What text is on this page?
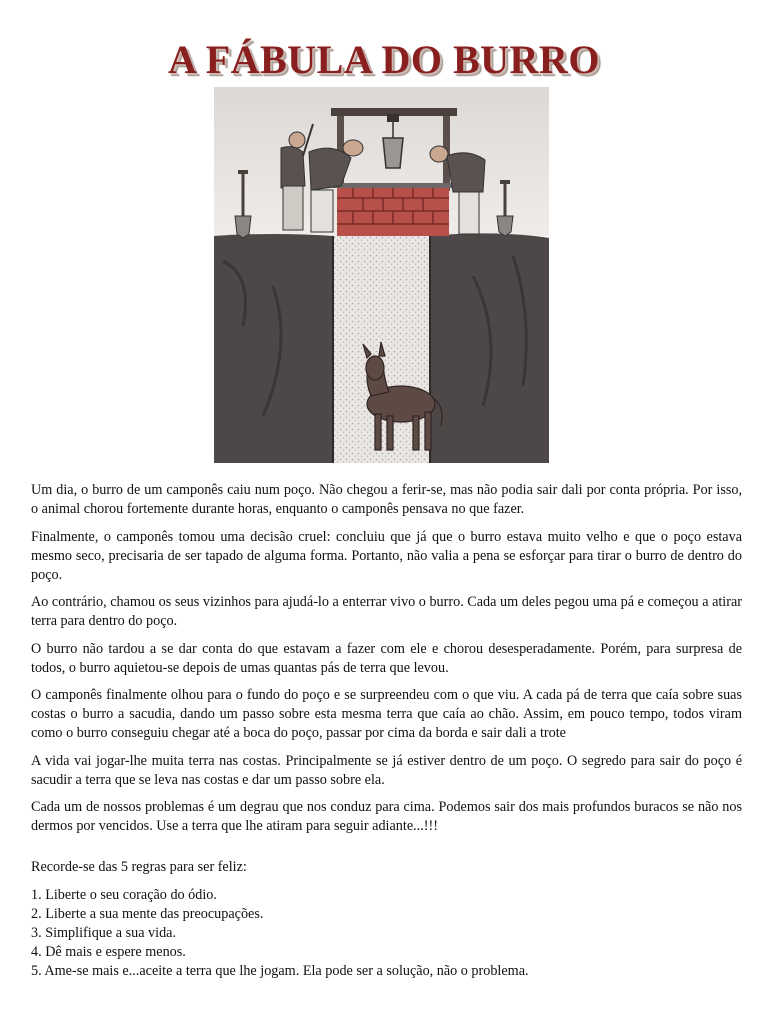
A FÁBULA DO BURRO

Um dia, o burro de um camponês caiu num poço. Não chegou a ferir-se, mas não podia sair dali por conta própria. Por isso, o animal chorou fortemente durante horas, enquanto o camponês pensava no que fazer.

Finalmente, o camponês tomou uma decisão cruel: concluiu que já que o burro estava muito velho e que o poço estava mesmo seco, precisaria de ser tapado de alguma forma. Portanto, não valia a pena se esforçar para tirar o burro de dentro do poço.

Ao contrário, chamou os seus vizinhos para ajudá-lo a enterrar vivo o burro. Cada um deles pegou uma pá e começou a atirar terra para dentro do poço.

O burro não tardou a se dar conta do que estavam a fazer com ele e chorou desesperadamente. Porém, para surpresa de todos, o burro aquietou-se depois de umas quantas pás de terra que levou.

O camponês finalmente olhou para o fundo do poço e se surpreendeu com o que viu. A cada pá de terra que caía sobre suas costas o burro a sacudia, dando um passo sobre esta mesma terra que caía ao chão. Assim, em pouco tempo, todos viram como o burro conseguiu chegar até a boca do poço, passar por cima da borda e sair dali a trote

A vida vai jogar-lhe muita terra nas costas. Principalmente se já estiver dentro de um poço. O segredo para sair do poço é sacudir a terra que se leva nas costas e dar um passo sobre ela.

Cada um de nossos problemas é um degrau que nos conduz para cima. Podemos sair dos mais profundos buracos se não nos dermos por vencidos. Use a terra que lhe atiram para seguir adiante...!!!

Recorde-se das 5 regras para ser feliz:

1. Liberte o seu coração do ódio.
2. Liberte a sua mente das preocupações.
3. Simplifique a sua vida.
4. Dê mais e espere menos.
5. Ame-se mais e...aceite a terra que lhe jogam. Ela pode ser a solução, não o problema.
